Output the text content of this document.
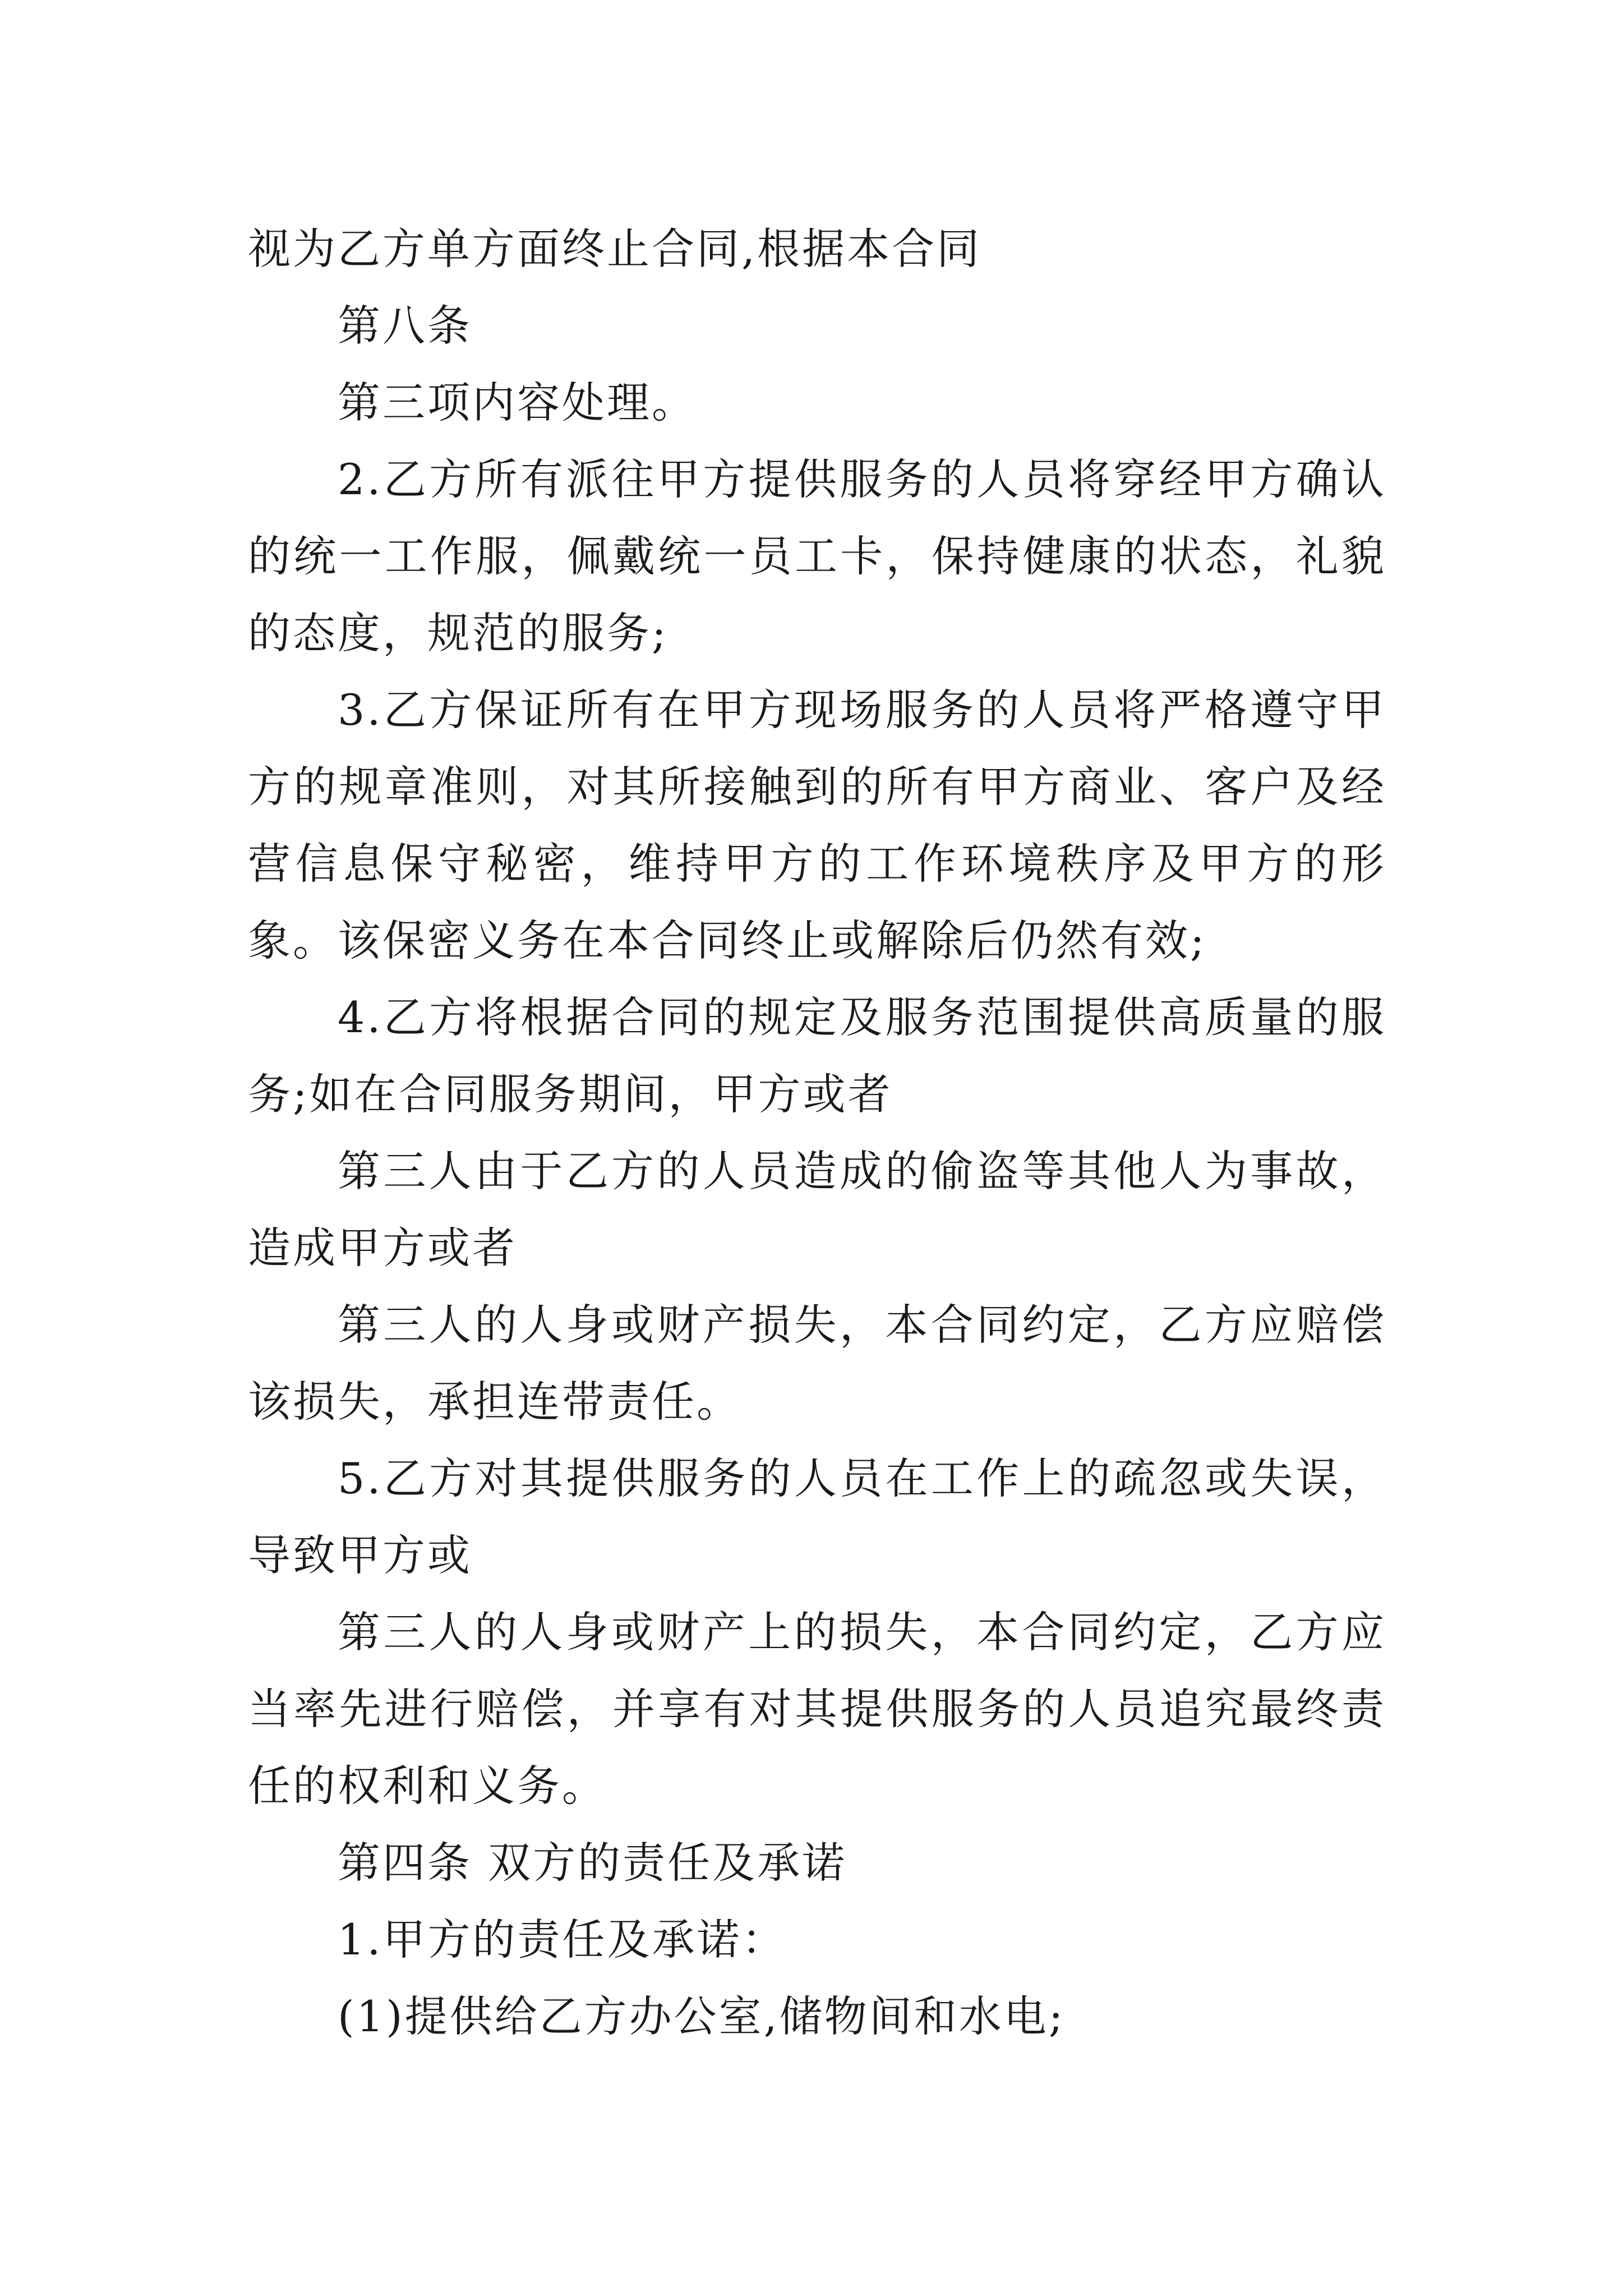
视为乙方单方面终止合同,根据本合同

第八条

第三项内容处理。

2.乙方所有派往甲方提供服务的人员将穿经甲方确认的统一工作服，佩戴统一员工卡，保持健康的状态，礼貌的态度，规范的服务;

3.乙方保证所有在甲方现场服务的人员将严格遵守甲方的规章准则，对其所接触到的所有甲方商业、客户及经营信息保守秘密，维持甲方的工作环境秩序及甲方的形象。该保密义务在本合同终止或解除后仍然有效;

4.乙方将根据合同的规定及服务范围提供高质量的服务;如在合同服务期间，甲方或者

第三人由于乙方的人员造成的偷盗等其他人为事故，造成甲方或者

第三人的人身或财产损失，本合同约定，乙方应赔偿该损失，承担连带责任。

5.乙方对其提供服务的人员在工作上的疏忽或失误，导致甲方或

第三人的人身或财产上的损失，本合同约定，乙方应当率先进行赔偿，并享有对其提供服务的人员追究最终责任的权利和义务。

第四条 双方的责任及承诺

1.甲方的责任及承诺：

(1)提供给乙方办公室,储物间和水电;
